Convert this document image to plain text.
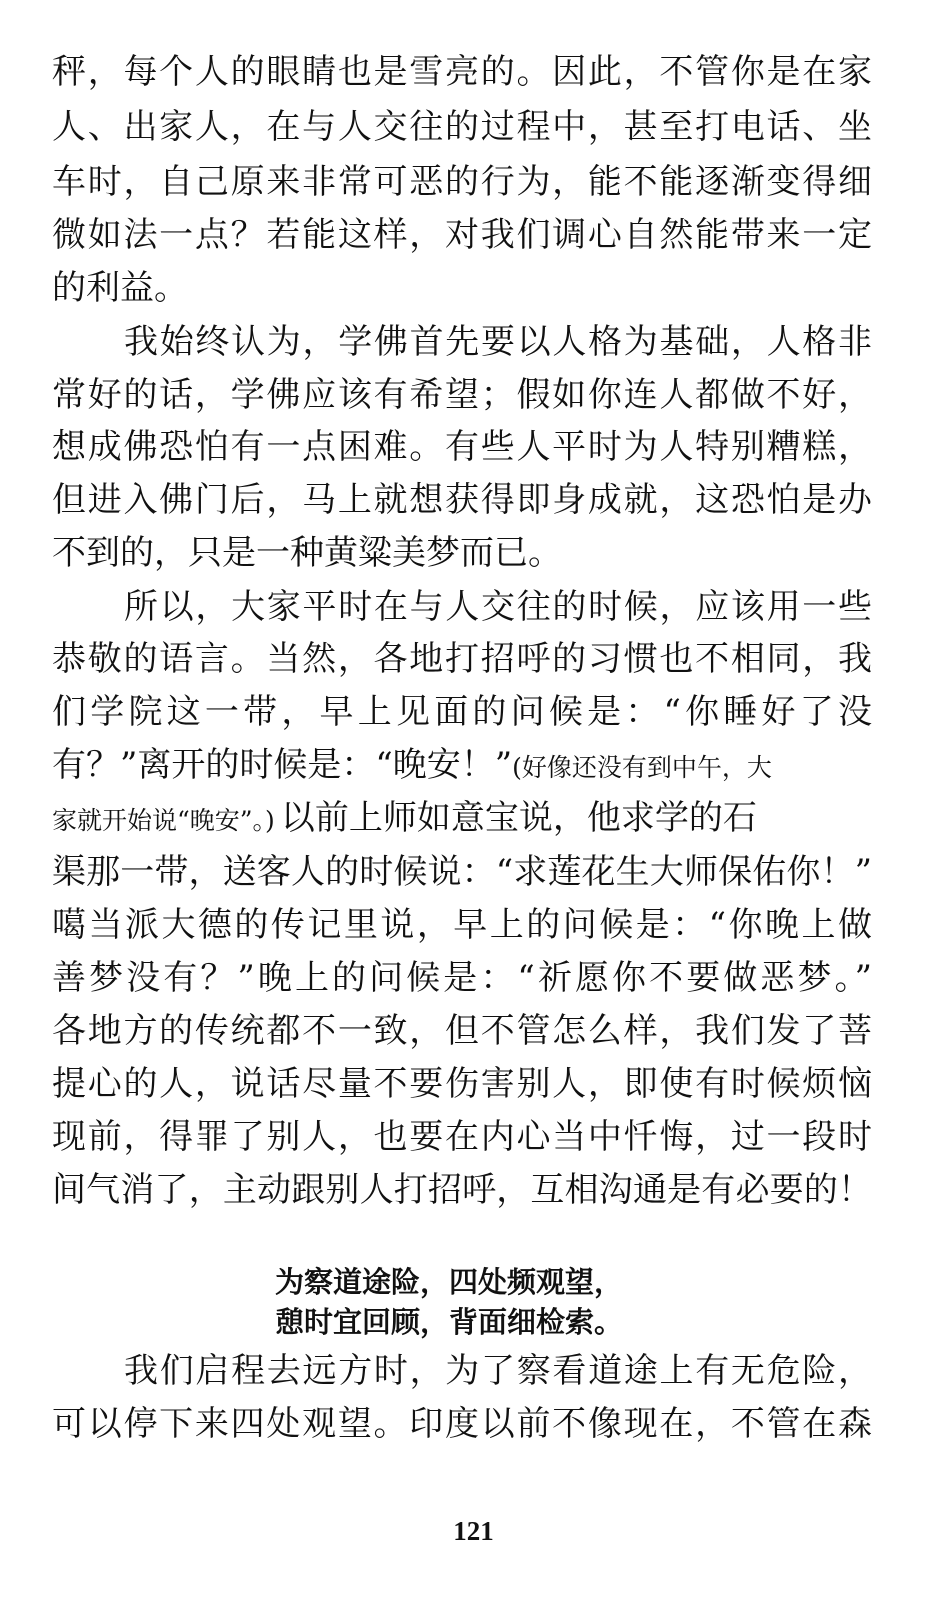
秤，每个人的眼睛也是雪亮的。因此，不管你是在家
人、出家人，在与人交往的过程中，甚至打电话、坐
车时，自己原来非常可恶的行为，能不能逐渐变得细
微如法一点？若能这样，对我们调心自然能带来一定
的利益。
我始终认为，学佛首先要以人格为基础，人格非
常好的话，学佛应该有希望；假如你连人都做不好，
想成佛恐怕有一点困难。有些人平时为人特别糟糕，
但进入佛门后，马上就想获得即身成就，这恐怕是办
不到的，只是一种黄粱美梦而已。
所以，大家平时在与人交往的时候，应该用一些
恭敬的语言。当然，各地打招呼的习惯也不相同，我
们学院这一带，早上见面的问候是：“你睡好了没
有？”离开的时候是：“晚安！”(好像还没有到中午，大
家就开始说“晚安”。) 以前上师如意宝说，他求学的石
渠那一带，送客人的时候说：“求莲花生大师保佑你！”
噶当派大德的传记里说，早上的问候是：“你晚上做
善梦没有？”晚上的问候是：“祈愿你不要做恶梦。”
各地方的传统都不一致，但不管怎么样，我们发了菩
提心的人，说话尽量不要伤害别人，即使有时候烦恼
现前，得罪了别人，也要在内心当中忏悔，过一段时
间气消了，主动跟别人打招呼，互相沟通是有必要的！
为察道途险，四处频观望，
憩时宜回顾，背面细检索。
我们启程去远方时，为了察看道途上有无危险，
可以停下来四处观望。印度以前不像现在，不管在森
121
